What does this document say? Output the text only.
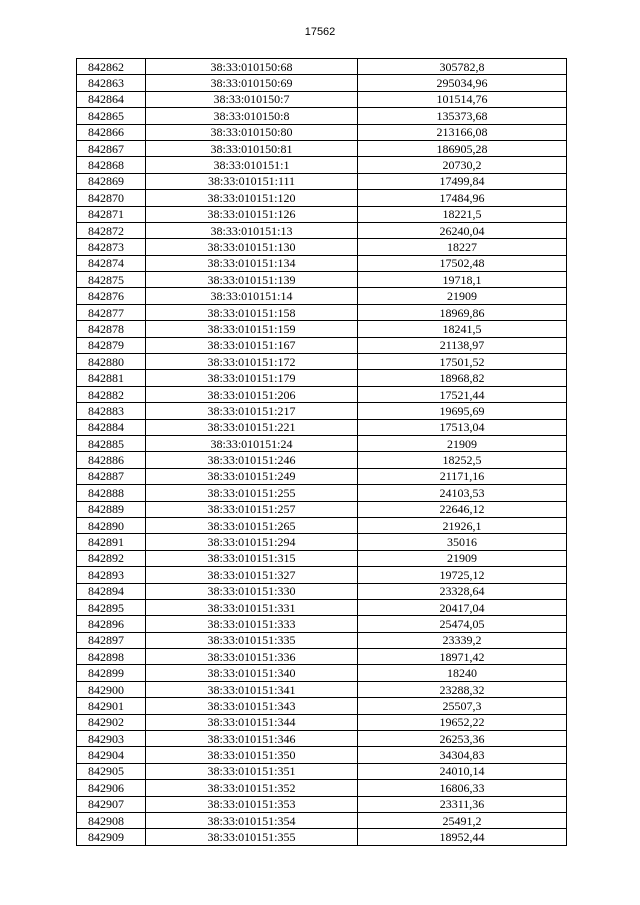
17562
842862	38:33:010150:68	305782,8
842863	38:33:010150:69	295034,96
842864	38:33:010150:7	101514,76
842865	38:33:010150:8	135373,68
842866	38:33:010150:80	213166,08
842867	38:33:010150:81	186905,28
842868	38:33:010151:1	20730,2
842869	38:33:010151:111	17499,84
842870	38:33:010151:120	17484,96
842871	38:33:010151:126	18221,5
842872	38:33:010151:13	26240,04
842873	38:33:010151:130	18227
842874	38:33:010151:134	17502,48
842875	38:33:010151:139	19718,1
842876	38:33:010151:14	21909
842877	38:33:010151:158	18969,86
842878	38:33:010151:159	18241,5
842879	38:33:010151:167	21138,97
842880	38:33:010151:172	17501,52
842881	38:33:010151:179	18968,82
842882	38:33:010151:206	17521,44
842883	38:33:010151:217	19695,69
842884	38:33:010151:221	17513,04
842885	38:33:010151:24	21909
842886	38:33:010151:246	18252,5
842887	38:33:010151:249	21171,16
842888	38:33:010151:255	24103,53
842889	38:33:010151:257	22646,12
842890	38:33:010151:265	21926,1
842891	38:33:010151:294	35016
842892	38:33:010151:315	21909
842893	38:33:010151:327	19725,12
842894	38:33:010151:330	23328,64
842895	38:33:010151:331	20417,04
842896	38:33:010151:333	25474,05
842897	38:33:010151:335	23339,2
842898	38:33:010151:336	18971,42
842899	38:33:010151:340	18240
842900	38:33:010151:341	23288,32
842901	38:33:010151:343	25507,3
842902	38:33:010151:344	19652,22
842903	38:33:010151:346	26253,36
842904	38:33:010151:350	34304,83
842905	38:33:010151:351	24010,14
842906	38:33:010151:352	16806,33
842907	38:33:010151:353	23311,36
842908	38:33:010151:354	25491,2
842909	38:33:010151:355	18952,44
